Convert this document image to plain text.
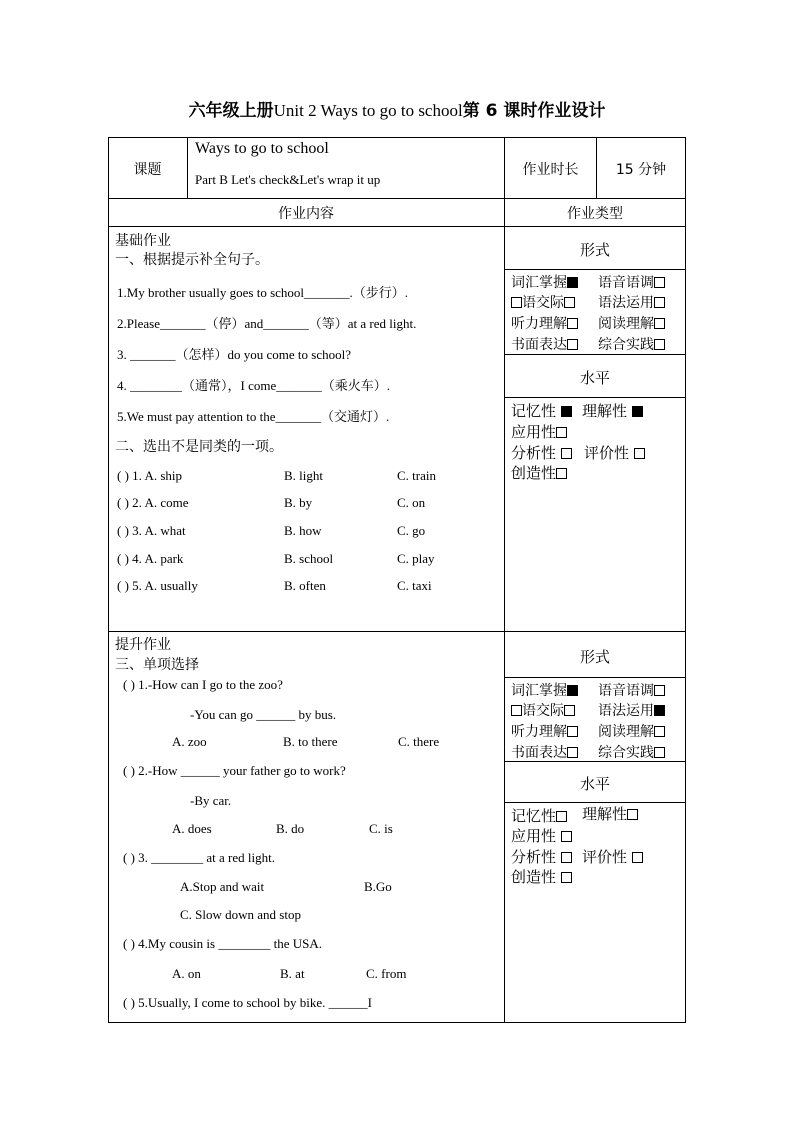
六年级上册Unit 2 Ways to go to school第 6 课时作业设计
课题
Ways to go to school
Part B Let's check&Let's wrap it up
作业时长	15 分钟
作业内容	作业类型
基础作业
一、根据提示补全句子。
1.My brother usually goes to school_______.（步行）.
2.Please_______（停）and_______（等）at a red light.
3. _______（怎样）do you come to school?
4. ________（通常），I come_______（乘火车）.
5.We must pay attention to the_______（交通灯）.
二、选出不是同类的一项。
( ) 1. A. ship	B. light	C. train
( ) 2. A. come	B. by	C. on
( ) 3. A. what	B. how	C. go
( ) 4. A. park	B. school	C. play
( ) 5. A. usually	B. often	C. taxi
形式
词汇掌握	语音语调
语交际	语法运用
听力理解	阅读理解
书面表达	综合实践
水平
记忆性	理解性
应用性
分析性	评价性
创造性
提升作业
三、单项选择
( ) 1.-How can I go to the zoo?
-You can go ______ by bus.
A. zoo	B. to there	C. there
( ) 2.-How ______ your father go to work?
-By car.
A. does	B. do	C. is
( ) 3. ________ at a red light.
A.Stop and wait	B.Go
C. Slow down and stop
( ) 4.My cousin is ________ the USA.
A. on	B. at	C. from
( ) 5.Usually, I come to school by bike. ______I
形式
词汇掌握	语音语调
语交际	语法运用
听力理解	阅读理解
书面表达	综合实践
水平
记忆性	理解性
应用性
分析性	评价性
创造性
